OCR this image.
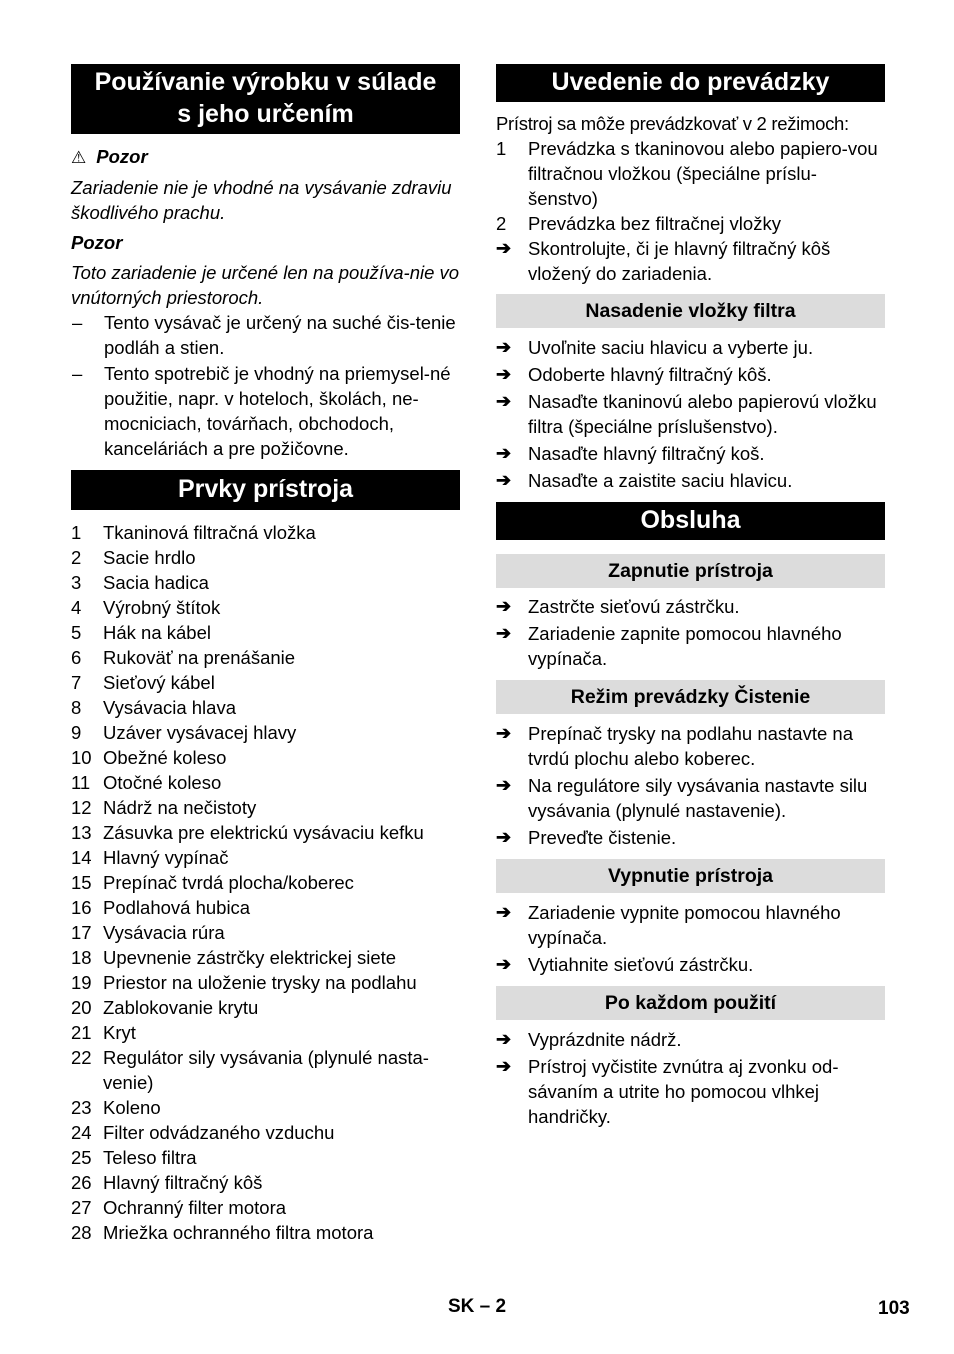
Používanie výrobku v súlade
s jeho určením
⚠ Pozor
Zariadenie nie je vhodné na vysávanie zdraviu škodlivého prachu.
Pozor
Toto zariadenie je určené len na používa-nie vo vnútorných priestoroch.
–	Tento vysávač je určený na suché čis-tenie podláh a stien.
–	Tento spotrebič je vhodný na priemysel-né použitie, napr. v hoteloch, školách, ne-mocniciach, továrňach, obchodoch, kanceláriách a pre požičovne.
Prvky prístroja
1	Tkaninová filtračná vložka
2	Sacie hrdlo
3	Sacia hadica
4	Výrobný štítok
5	Hák na kábel
6	Rukoväť na prenášanie
7	Sieťový kábel
8	Vysávacia hlava
9	Uzáver vysávacej hlavy
10 Obežné koleso
11 Otočné koleso
12 Nádrž na nečistoty
13 Zásuvka pre elektrickú vysávaciu kefku
14 Hlavný vypínač
15 Prepínač tvrdá plocha/koberec
16 Podlahová hubica
17 Vysávacia rúra
18 Upevnenie zástrčky elektrickej siete
19 Priestor na uloženie trysky na podlahu
20 Zablokovanie krytu
21 Kryt
22 Regulátor sily vysávania (plynulé nasta-venie)
23 Koleno
24 Filter odvádzaného vzduchu
25 Teleso filtra
26 Hlavný filtračný kôš
27 Ochranný filter motora
28 Mriežka ochranného filtra motora
Uvedenie do prevádzky
Prístroj sa môže prevádzkovať v 2 režimoch:
1	Prevádzka s tkaninovou alebo papiero-vou filtračnou vložkou (špeciálne príslu-šenstvo)
2	Prevádzka bez filtračnej vložky
➔ Skontrolujte, či je hlavný filtračný kôš vložený do zariadenia.
Nasadenie vložky filtra
➔ Uvoľnite saciu hlavicu a vyberte ju.
➔ Odoberte hlavný filtračný kôš.
➔ Nasaďte tkaninovú alebo papierovú vložku filtra (špeciálne príslušenstvo).
➔ Nasaďte hlavný filtračný koš.
➔ Nasaďte a zaistite saciu hlavicu.
Obsluha
Zapnutie prístroja
➔ Zastrčte sieťovú zástrčku.
➔ Zariadenie zapnite pomocou hlavného vypínača.
Režim prevádzky Čistenie
➔ Prepínač trysky na podlahu nastavte na tvrdú plochu alebo koberec.
➔ Na regulátore sily vysávania nastavte silu vysávania (plynulé nastavenie).
➔ Preveďte čistenie.
Vypnutie prístroja
➔ Zariadenie vypnite pomocou hlavného vypínača.
➔ Vytiahnite sieťovú zástrčku.
Po každom použití
➔ Vyprázdnite nádrž.
➔ Prístroj vyčistite zvnútra aj zvonku od-sávaním a utrite ho pomocou vlhkej handričky.
SK – 2	103
